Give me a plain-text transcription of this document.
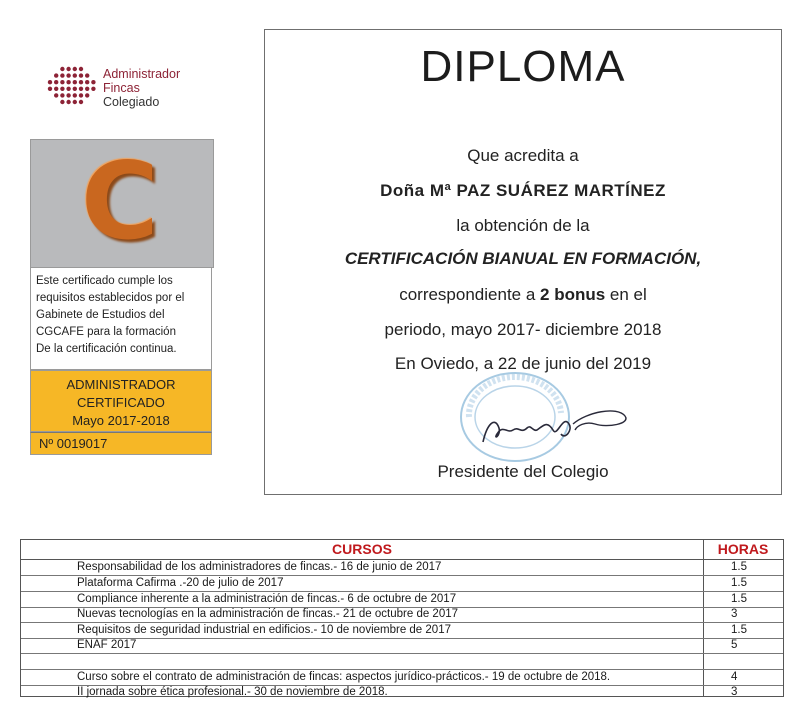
Administrador
Fincas
Colegiado
C
Este certificado cumple los
requisitos establecidos por el
Gabinete de Estudios del
CGCAFE para la formación
De la certificación continua.
ADMINISTRADOR
CERTIFICADO
Mayo 2017-2018
Nº 0019017
DIPLOMA
Que acredita a
Doña Mª PAZ SUÁREZ MARTÍNEZ
la obtención de la
CERTIFICACIÓN BIANUAL EN FORMACIÓN,
correspondiente a 2 bonus en el
periodo, mayo 2017- diciembre 2018
En Oviedo, a 22 de junio del 2019
Presidente del Colegio
CURSOS	HORAS
Responsabilidad de los administradores de fincas.- 16 de junio de 2017	1.5
Plataforma Cafirma .-20 de julio de 2017	1.5
Compliance inherente a la administración de fincas.- 6 de octubre de 2017	1.5
Nuevas tecnologías en la administración de fincas.- 21 de octubre de 2017	3
Requisitos de seguridad industrial en edificios.- 10 de noviembre de 2017	1.5
ENAF 2017	5
Curso sobre el contrato de administración de fincas: aspectos jurídico-prácticos.- 19 de octubre de 2018.	4
II jornada sobre ética profesional.- 30 de noviembre de 2018.	3
